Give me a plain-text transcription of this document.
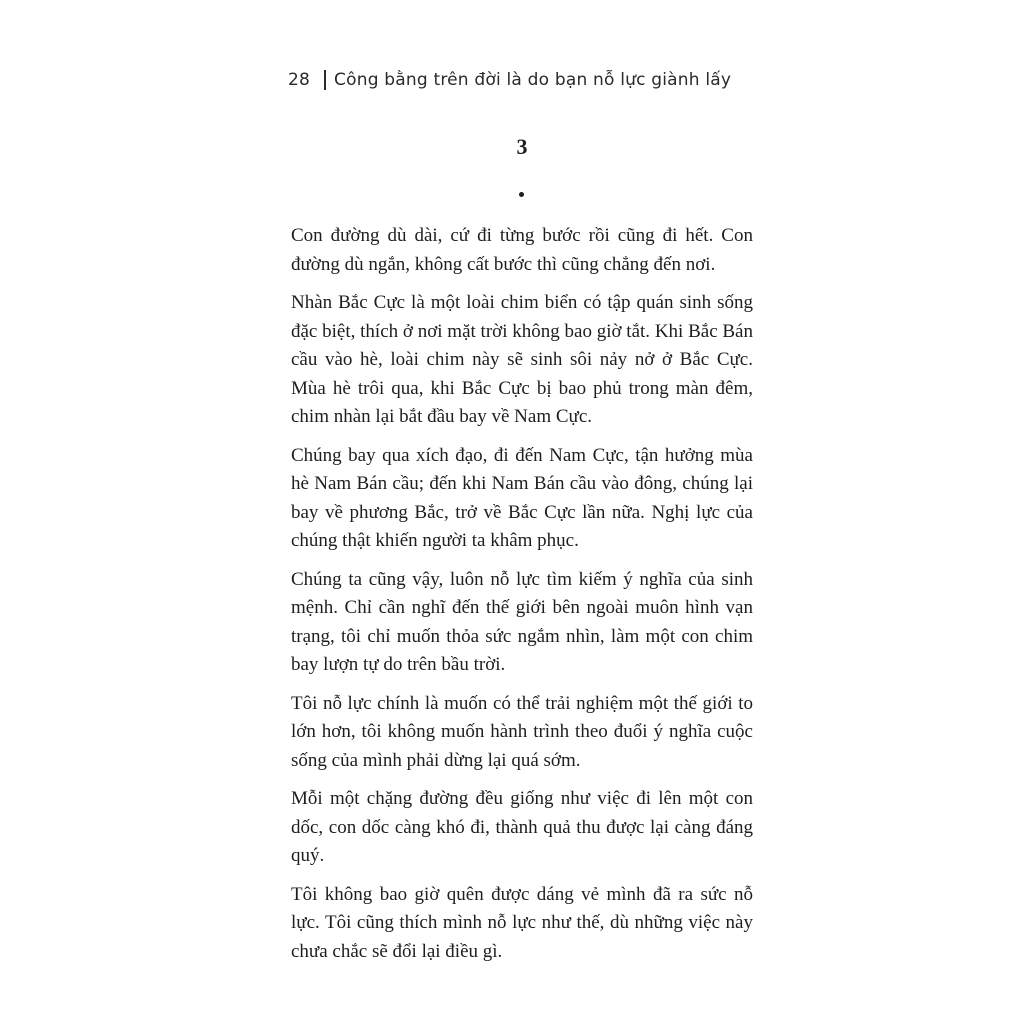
28 Công bằng trên đời là do bạn nỗ lực giành lấy
3

Con đường dù dài, cứ đi từng bước rồi cũng đi hết. Con đường dù ngắn, không cất bước thì cũng chẳng đến nơi.

Nhàn Bắc Cực là một loài chim biển có tập quán sinh sống đặc biệt, thích ở nơi mặt trời không bao giờ tắt. Khi Bắc Bán cầu vào hè, loài chim này sẽ sinh sôi nảy nở ở Bắc Cực. Mùa hè trôi qua, khi Bắc Cực bị bao phủ trong màn đêm, chim nhàn lại bắt đầu bay về Nam Cực.

Chúng bay qua xích đạo, đi đến Nam Cực, tận hưởng mùa hè Nam Bán cầu; đến khi Nam Bán cầu vào đông, chúng lại bay về phương Bắc, trở về Bắc Cực lần nữa. Nghị lực của chúng thật khiến người ta khâm phục.

Chúng ta cũng vậy, luôn nỗ lực tìm kiếm ý nghĩa của sinh mệnh. Chỉ cần nghĩ đến thế giới bên ngoài muôn hình vạn trạng, tôi chỉ muốn thỏa sức ngắm nhìn, làm một con chim bay lượn tự do trên bầu trời.

Tôi nỗ lực chính là muốn có thể trải nghiệm một thế giới to lớn hơn, tôi không muốn hành trình theo đuổi ý nghĩa cuộc sống của mình phải dừng lại quá sớm.

Mỗi một chặng đường đều giống như việc đi lên một con dốc, con dốc càng khó đi, thành quả thu được lại càng đáng quý.

Tôi không bao giờ quên được dáng vẻ mình đã ra sức nỗ lực. Tôi cũng thích mình nỗ lực như thế, dù những việc này chưa chắc sẽ đổi lại điều gì.
